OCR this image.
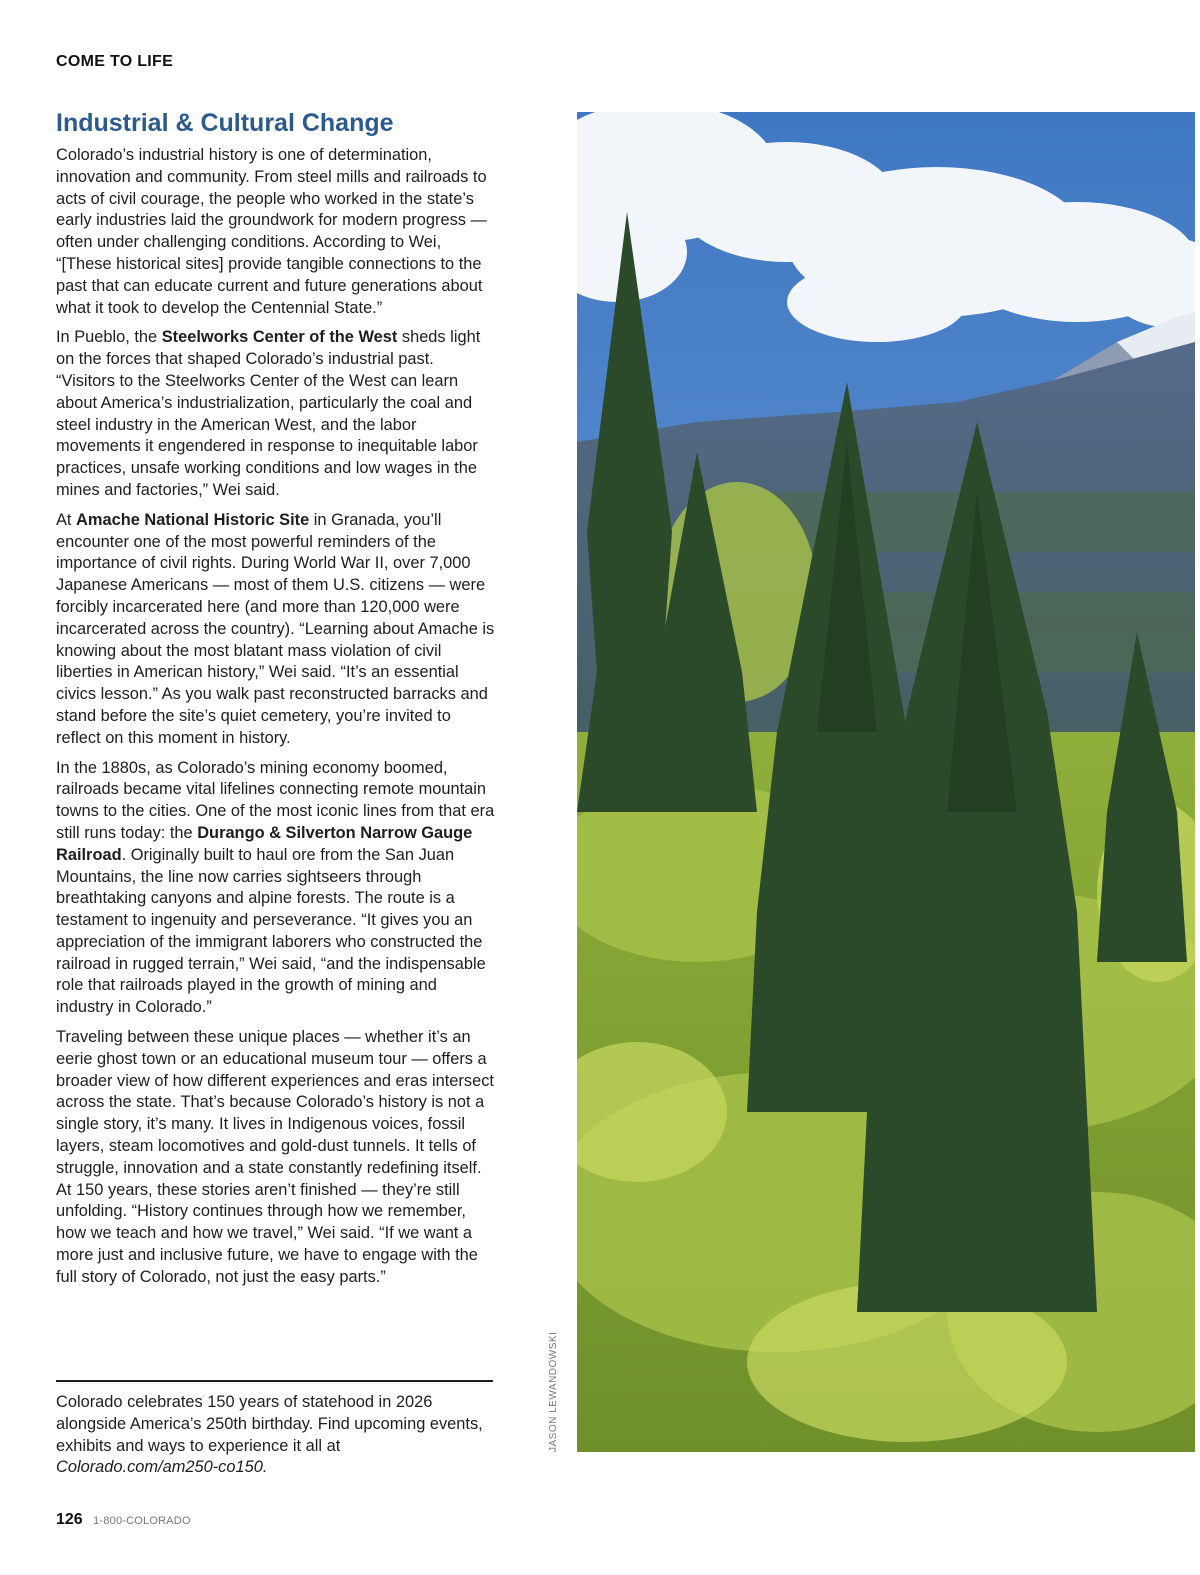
COME TO LIFE
Industrial & Cultural Change

Colorado’s industrial history is one of determination, innovation and community. From steel mills and railroads to acts of civil courage, the people who worked in the state’s early industries laid the groundwork for modern progress — often under challenging conditions. According to Wei, “[These historical sites] provide tangible connections to the past that can educate current and future generations about what it took to develop the Centennial State.”

In Pueblo, the Steelworks Center of the West sheds light on the forces that shaped Colorado’s industrial past. “Visitors to the Steelworks Center of the West can learn about America’s industrialization, particularly the coal and steel industry in the American West, and the labor movements it engendered in response to inequitable labor practices, unsafe working conditions and low wages in the mines and factories,” Wei said.

At Amache National Historic Site in Granada, you’ll encounter one of the most powerful reminders of the importance of civil rights. During World War II, over 7,000 Japanese Americans — most of them U.S. citizens — were forcibly incarcerated here (and more than 120,000 were incarcerated across the country). “Learning about Amache is knowing about the most blatant mass violation of civil liberties in American history,” Wei said. “It’s an essential civics lesson.” As you walk past reconstructed barracks and stand before the site’s quiet cemetery, you’re invited to reflect on this moment in history.

In the 1880s, as Colorado’s mining economy boomed, railroads became vital lifelines connecting remote mountain towns to the cities. One of the most iconic lines from that era still runs today: the Durango & Silverton Narrow Gauge Railroad. Originally built to haul ore from the San Juan Mountains, the line now carries sightseers through breathtaking canyons and alpine forests. The route is a testament to ingenuity and perseverance. “It gives you an appreciation of the immigrant laborers who constructed the railroad in rugged terrain,” Wei said, “and the indispensable role that railroads played in the growth of mining and industry in Colorado.”

Traveling between these unique places — whether it’s an eerie ghost town or an educational museum tour — offers a broader view of how different experiences and eras intersect across the state. That’s because Colorado’s history is not a single story, it’s many. It lives in Indigenous voices, fossil layers, steam locomotives and gold-dust tunnels. It tells of struggle, innovation and a state constantly redefining itself. At 150 years, these stories aren’t finished — they’re still unfolding. “History continues through how we remember, how we teach and how we travel,” Wei said. “If we want a more just and inclusive future, we have to engage with the full story of Colorado, not just the easy parts.”

Colorado celebrates 150 years of statehood in 2026 alongside America’s 250th birthday. Find upcoming events, exhibits and ways to experience it all at Colorado.com/am250-co150.

JASON LEWANDOWSKI
126 1-800-COLORADO
